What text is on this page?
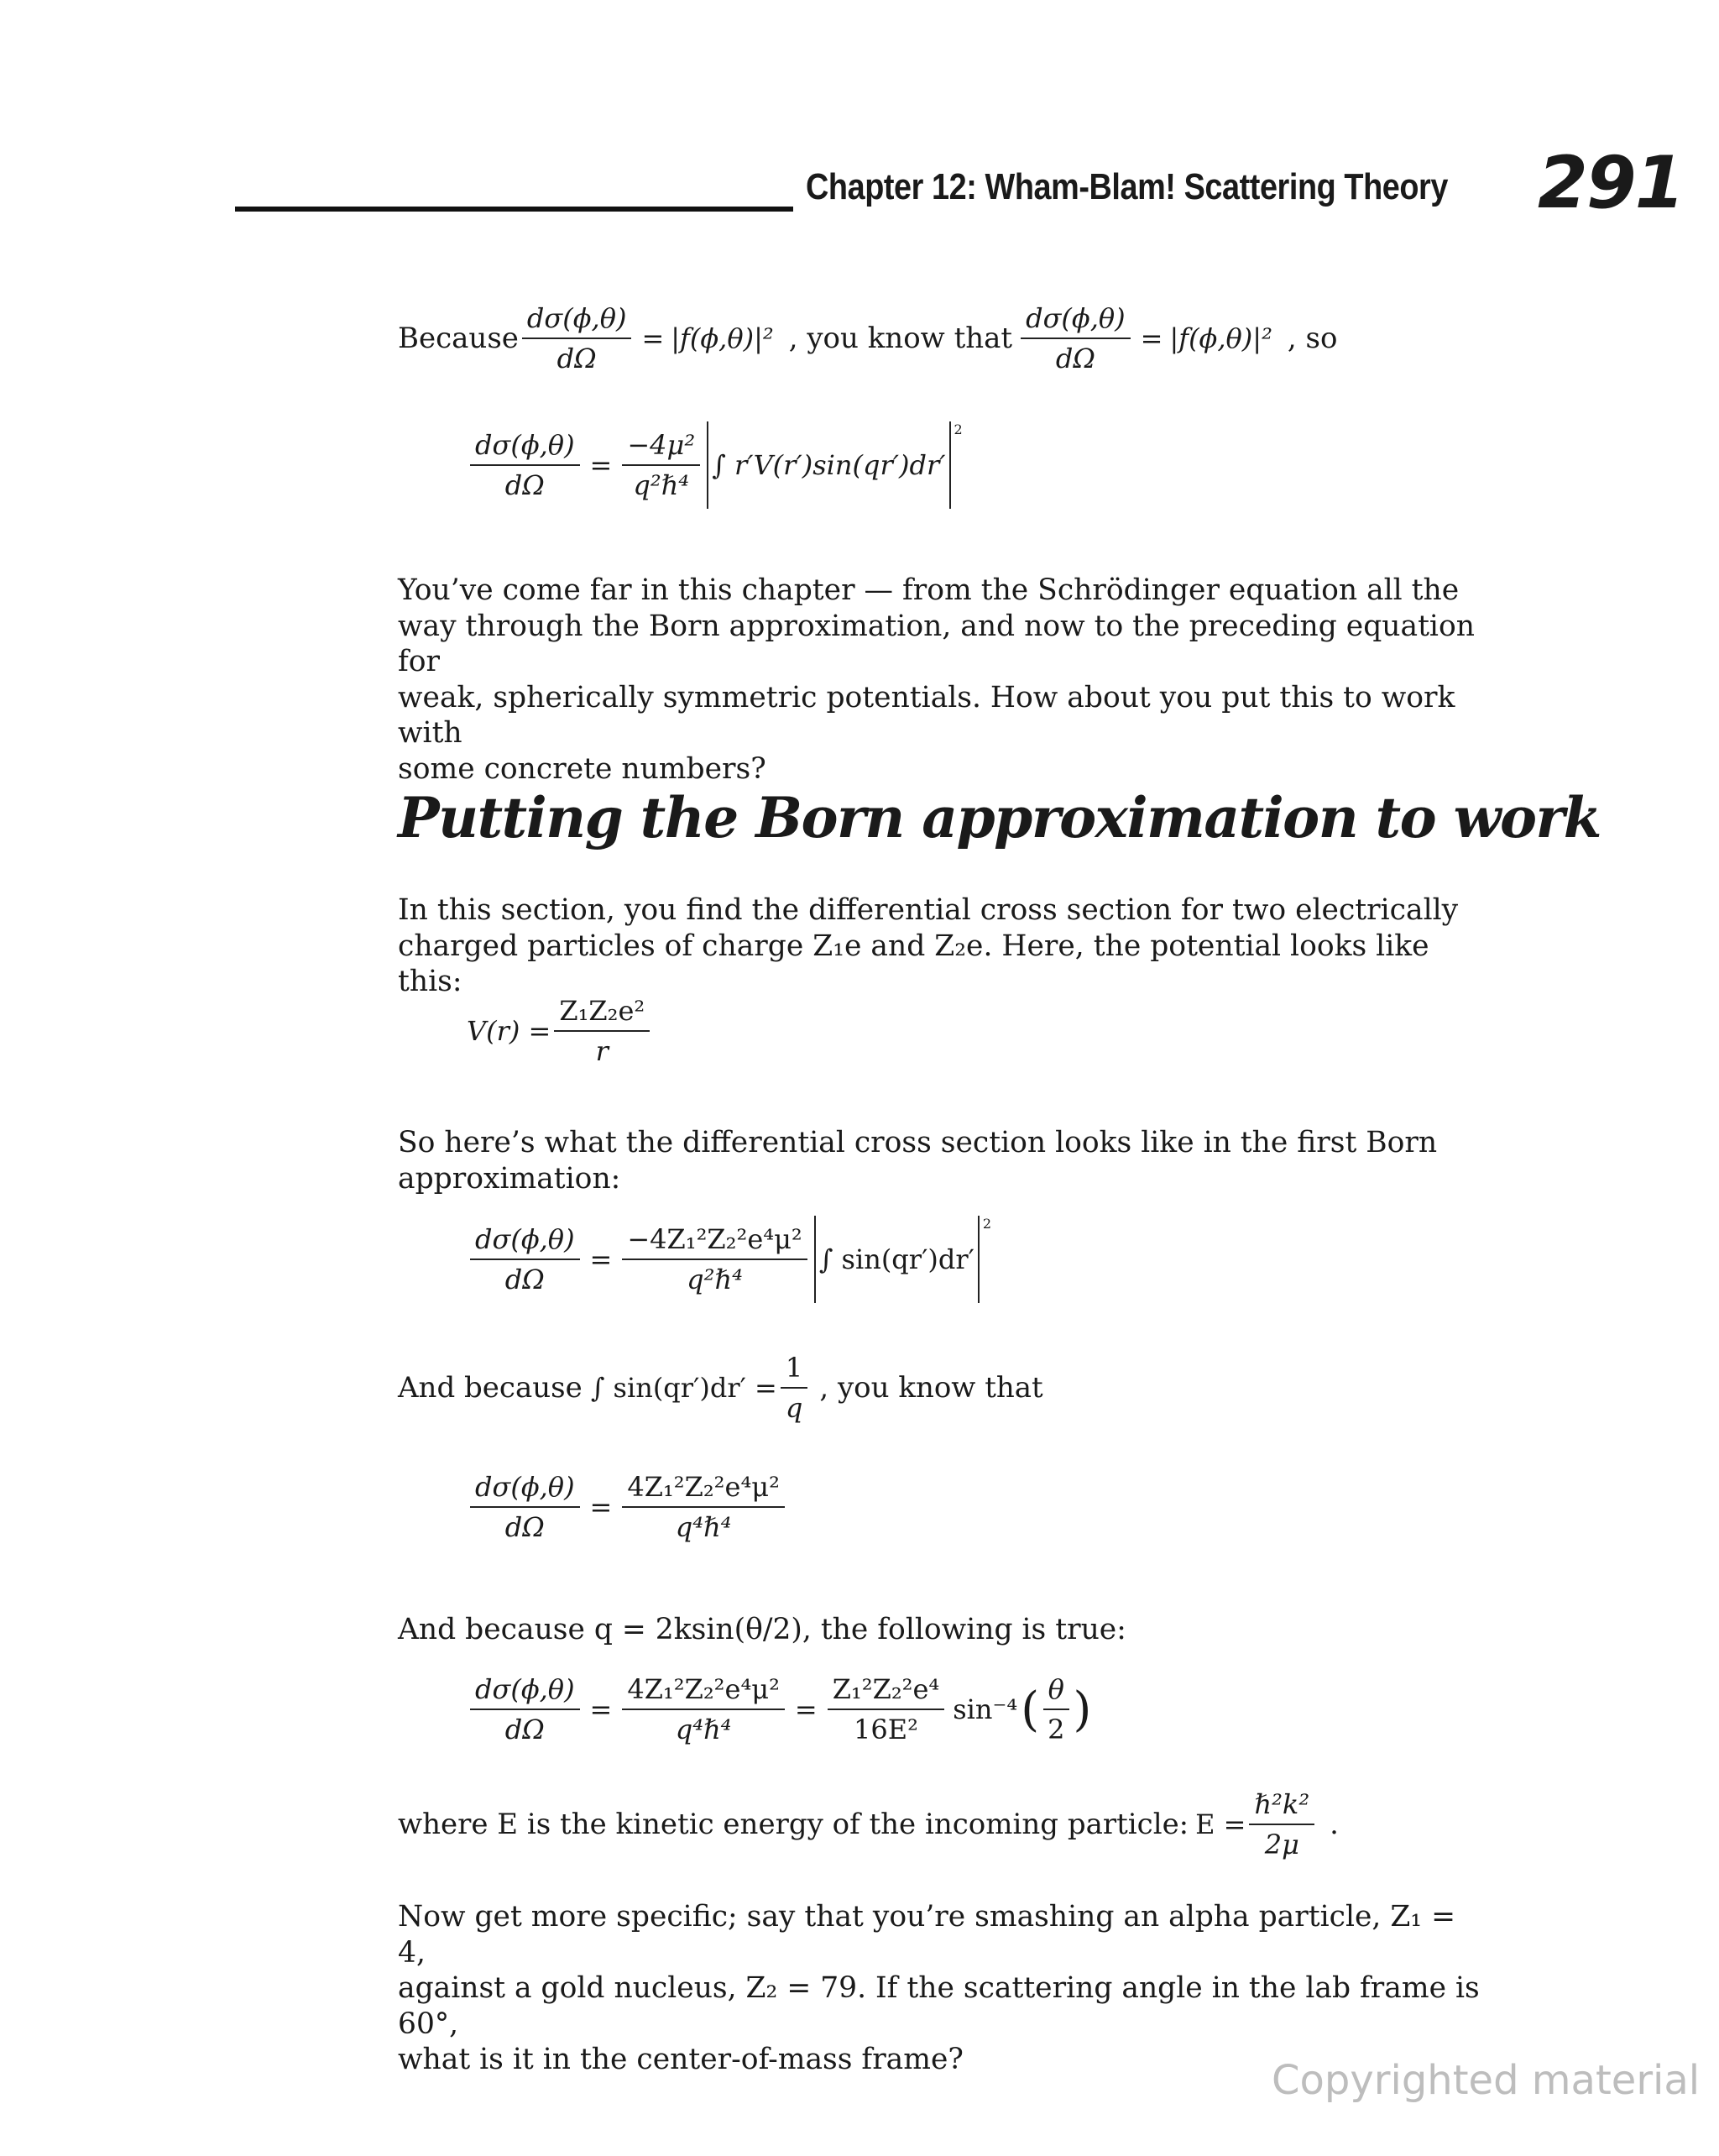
Chapter 12: Wham-Blam! Scattering Theory 291
Because $\frac{d\sigma(\phi,\theta)}{d\Omega} = |f(\phi,\theta)|^2$ , you know that $\frac{d\sigma(\phi,\theta)}{d\Omega} = |f(\phi,\theta)|^2$ , so
$\frac{d\sigma(\phi,\theta)}{d\Omega} = \frac{\text{−4μ²}}{\text{q²ℏ⁴}}$ ∫ r′V(r′)sin(qr′)dr′
2
You’ve come far in this chapter — from the Schrödinger equation all the
way through the Born approximation, and now to the preceding equation for
weak, spherically symmetric potentials. How about you put this to work with
some concrete numbers?
Putting the Born approximation to work
In this section, you find the differential cross section for two electrically
charged particles of charge Z₁e and Z₂e. Here, the potential looks like this:
$V(r) = \frac{\text{Z₁Z₂e²}}{r}$
So here’s what the differential cross section looks like in the first Born
approximation:
$\frac{d\sigma(\phi,\theta)}{d\Omega} = \frac{\text{−4Z₁²Z₂²e⁴μ²}}{\text{q²ℏ⁴}}$ ∫ sin(qr′)dr′
2
And because ∫ $\sin(qr')dr' = \frac{1}{q}$ , you know that
$\frac{d\sigma(\phi,\theta)}{d\Omega} = \frac{\text{4Z₁²Z₂²e⁴μ²}}{\text{q⁴ℏ⁴}}$
And because q = 2ksin(θ/2), the following is true:
$\frac{d\sigma(\phi,\theta)}{d\Omega} = \frac{\text{4Z₁²Z₂²e⁴μ²}}{\text{q⁴ℏ⁴}} = \frac{\text{Z₁²Z₂²e⁴}}{\text{16E²}} \sin^{-4}$ ( $\frac{\theta}{2}$ )
where E is the kinetic energy of the incoming particle: $E = \frac{\text{ℏ²k²}}{2\mu}$ .
Now get more specific; say that you’re smashing an alpha particle, Z₁ = 4,
against a gold nucleus, Z₂ = 79. If the scattering angle in the lab frame is 60°,
what is it in the center-of-mass frame?	Copyrighted material
